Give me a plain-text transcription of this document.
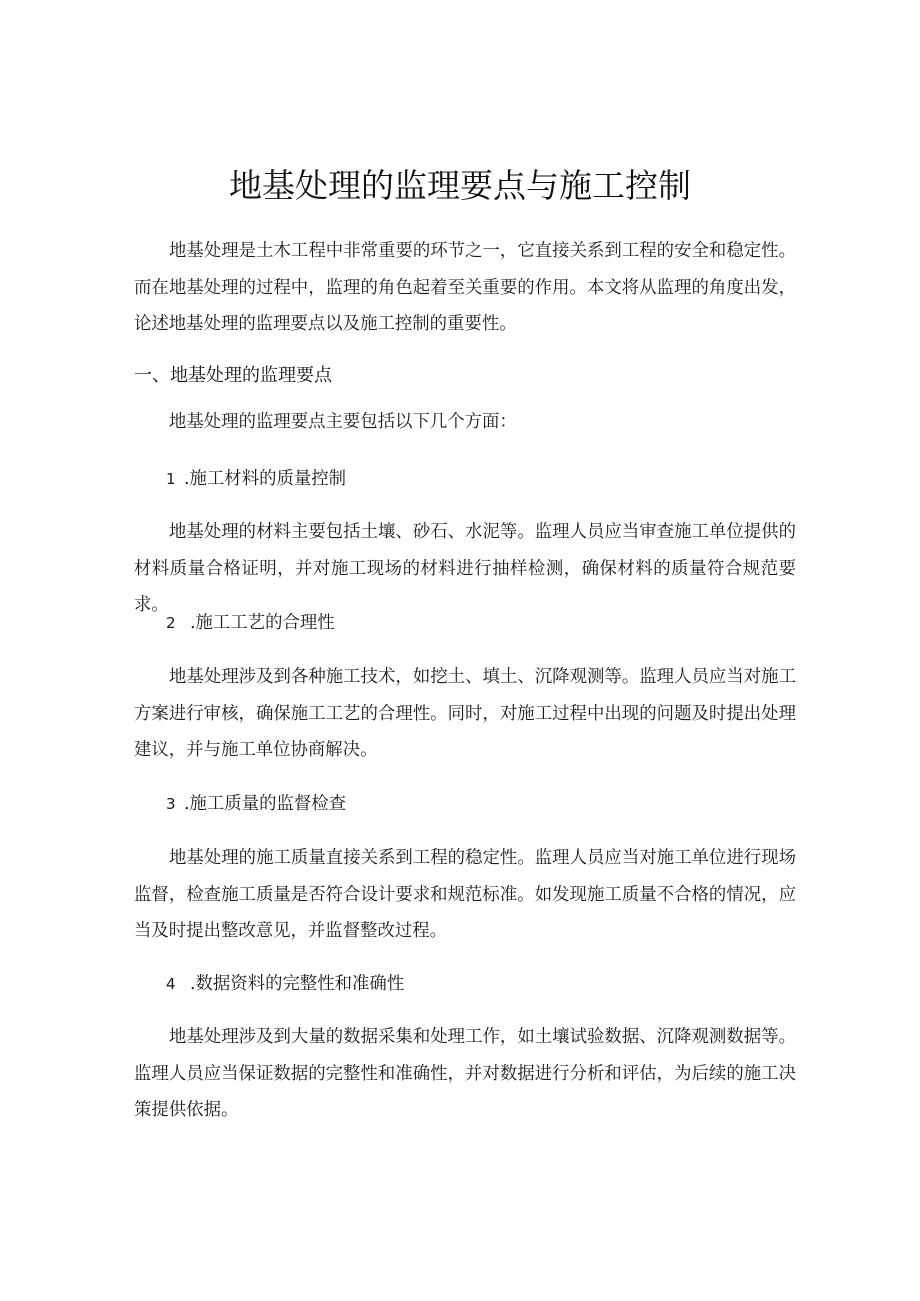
地基处理的监理要点与施工控制

地基处理是土木工程中非常重要的环节之一，它直接关系到工程的安全和稳定性。而在地基处理的过程中，监理的角色起着至关重要的作用。本文将从监理的角度出发，论述地基处理的监理要点以及施工控制的重要性。

一、地基处理的监理要点

地基处理的监理要点主要包括以下几个方面：

1 .施工材料的质量控制

地基处理的材料主要包括土壤、砂石、水泥等。监理人员应当审查施工单位提供的材料质量合格证明，并对施工现场的材料进行抽样检测，确保材料的质量符合规范要求。

2 .施工工艺的合理性

地基处理涉及到各种施工技术，如挖土、填土、沉降观测等。监理人员应当对施工方案进行审核，确保施工工艺的合理性。同时，对施工过程中出现的问题及时提出处理建议，并与施工单位协商解决。

3 .施工质量的监督检查

地基处理的施工质量直接关系到工程的稳定性。监理人员应当对施工单位进行现场监督，检查施工质量是否符合设计要求和规范标准。如发现施工质量不合格的情况，应当及时提出整改意见，并监督整改过程。

4 .数据资料的完整性和准确性

地基处理涉及到大量的数据采集和处理工作，如土壤试验数据、沉降观测数据等。监理人员应当保证数据的完整性和准确性，并对数据进行分析和评估，为后续的施工决策提供依据。
